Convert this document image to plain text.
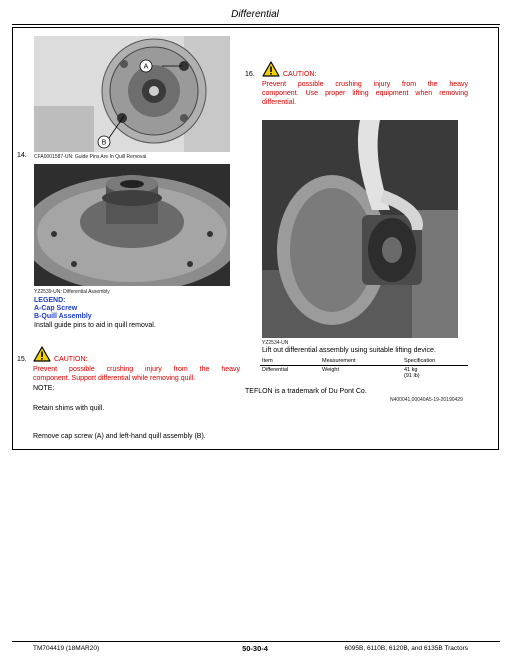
Differential
A
B
14. CFA0001587-UN: Guide Pins Are In Quill Removal
YZ2539-UN: Differential Assembly
LEGEND:
A-Cap Screw
B-Quill Assembly
Install guide pins to aid in quill removal.
15.	CAUTION:
Prevent possible crushing injury from the heavy
component. Support differential while removing quill.
NOTE:
Retain shims with quill.
Remove cap screw (A) and left-hand quill assembly (B).
16.	CAUTION:
Prevent possible crushing injury from the heavy
component. Use proper lifting equipment when removing
differential.
YZ2534-UN
Lift out differential assembly using suitable lifting device.
Item	Measurement	Specification
Differential	Weight	41 kg
(91 lb)
TEFLON is a trademark of Du Pont Co.
N400041,00040A5-19-20190429
TM704419 (18MAR20)	50-30-4	6095B, 6110B, 6120B, and 6135B Tractors
